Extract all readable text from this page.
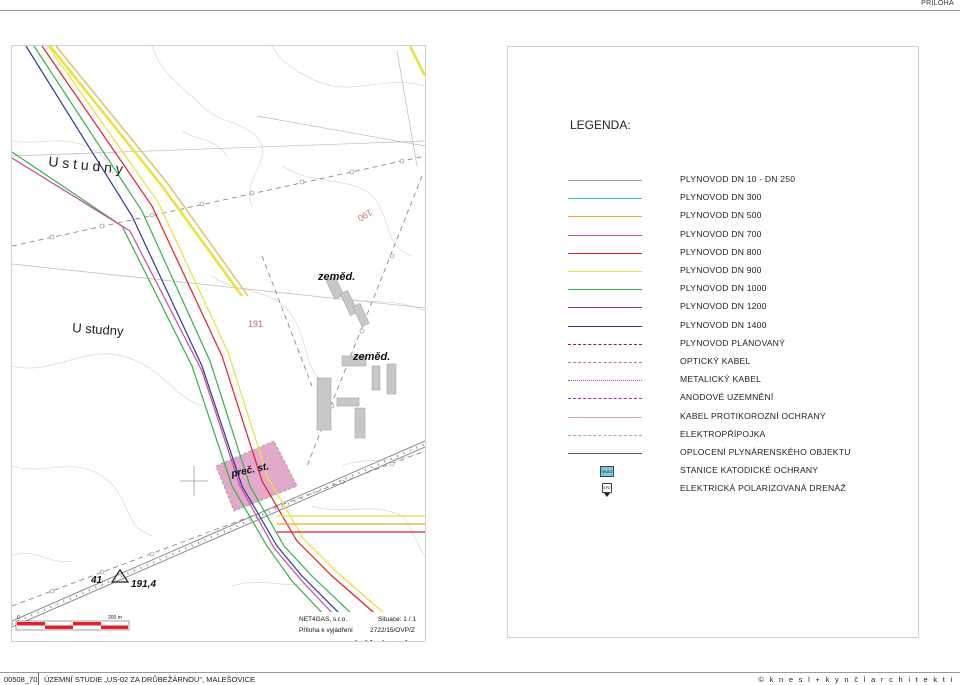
PŘÍLOHA
U s t u d n y
U studny
zeměd.
zeměd.
preč. st.
191
190
41	191,4
0	200 m	NET4GAS, s.r.o.
Příloha k vyjádření
Situace: 1 / 1
2722/15/OVP/Z
LEGENDA:
PLYNOVOD DN 10 - DN 250
PLYNOVOD DN 300
PLYNOVOD DN 500
PLYNOVOD DN 700
PLYNOVOD DN 800
PLYNOVOD DN 900
PLYNOVOD DN 1000
PLYNOVOD DN 1200
PLYNOVOD DN 1400
PLYNOVOD PLÁNOVANÝ
OPTICKÝ KABEL
METALICKÝ KABEL
ANODOVÉ UZEMNĚNÍ
KABEL PROTIKOROZNÍ OCHRANY
ELEKTROPŘÍPOJKA
OPLOCENÍ PLYNÁRENSKÉHO OBJEKTU
SKAO	STANICE KATODICKÉ OCHRANY
EPD	ELEKTRICKÁ POLARIZOVANÁ DRENÁŽ
00508_70 ÚZEMNÍ STUDIE „US-02 ZA DRŮBEŽÁRNOU", MALEŠOVICE	© k n e s l + k y n č l a r c h i t e k t i
